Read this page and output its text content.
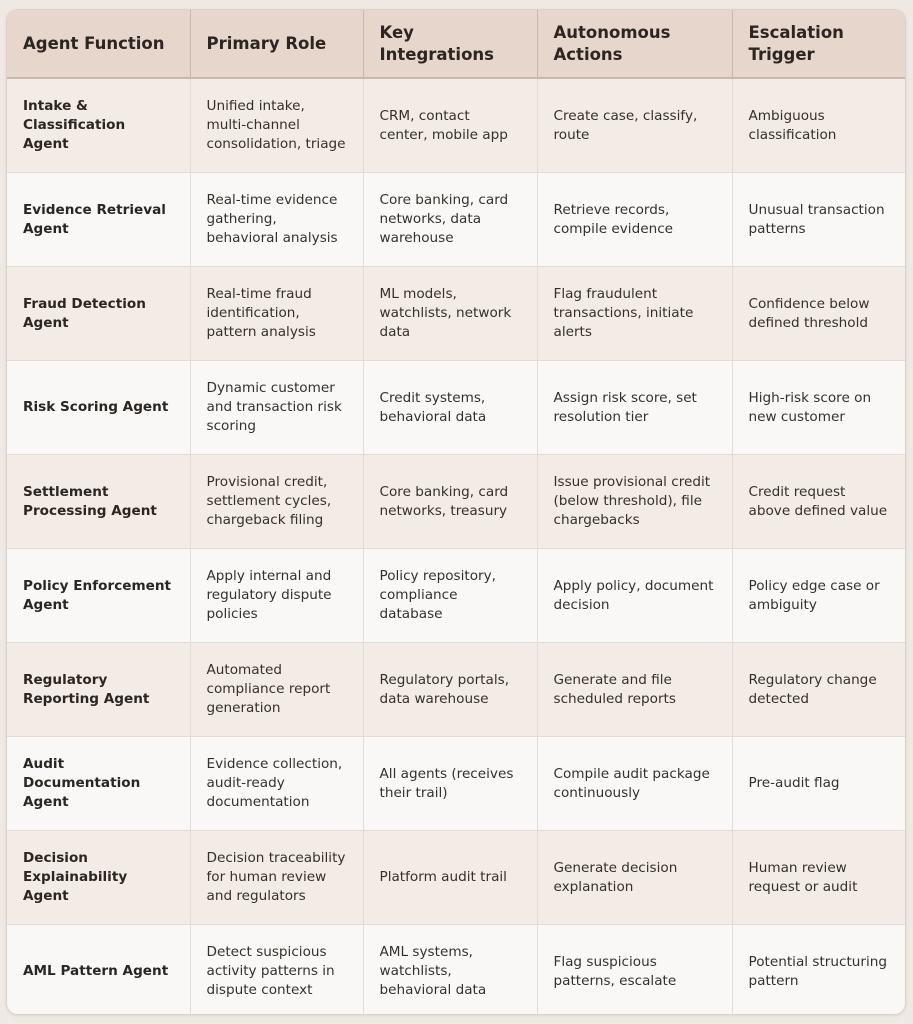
Agent Function	Primary Role	Key Integrations	Autonomous Actions	Escalation Trigger
Intake & Classification Agent	Unified intake, multi-channel consolidation, triage	CRM, contact center, mobile app	Create case, classify, route	Ambiguous classification
Evidence Retrieval Agent	Real-time evidence gathering, behavioral analysis	Core banking, card networks, data warehouse	Retrieve records, compile evidence	Unusual transaction patterns
Fraud Detection Agent	Real-time fraud identification, pattern analysis	ML models, watchlists, network data	Flag fraudulent transactions, initiate alerts	Confidence below defined threshold
Risk Scoring Agent	Dynamic customer and transaction risk scoring	Credit systems, behavioral data	Assign risk score, set resolution tier	High-risk score on new customer
Settlement Processing Agent	Provisional credit, settlement cycles, chargeback filing	Core banking, card networks, treasury	Issue provisional credit (below threshold), file chargebacks	Credit request above defined value
Policy Enforcement Agent	Apply internal and regulatory dispute policies	Policy repository, compliance database	Apply policy, document decision	Policy edge case or ambiguity
Regulatory Reporting Agent	Automated compliance report generation	Regulatory portals, data warehouse	Generate and file scheduled reports	Regulatory change detected
Audit Documentation Agent	Evidence collection, audit-ready documentation	All agents (receives their trail)	Compile audit package continuously	Pre-audit flag
Decision Explainability Agent	Decision traceability for human review and regulators	Platform audit trail	Generate decision explanation	Human review request or audit
AML Pattern Agent	Detect suspicious activity patterns in dispute context	AML systems, watchlists, behavioral data	Flag suspicious patterns, escalate	Potential structuring pattern
